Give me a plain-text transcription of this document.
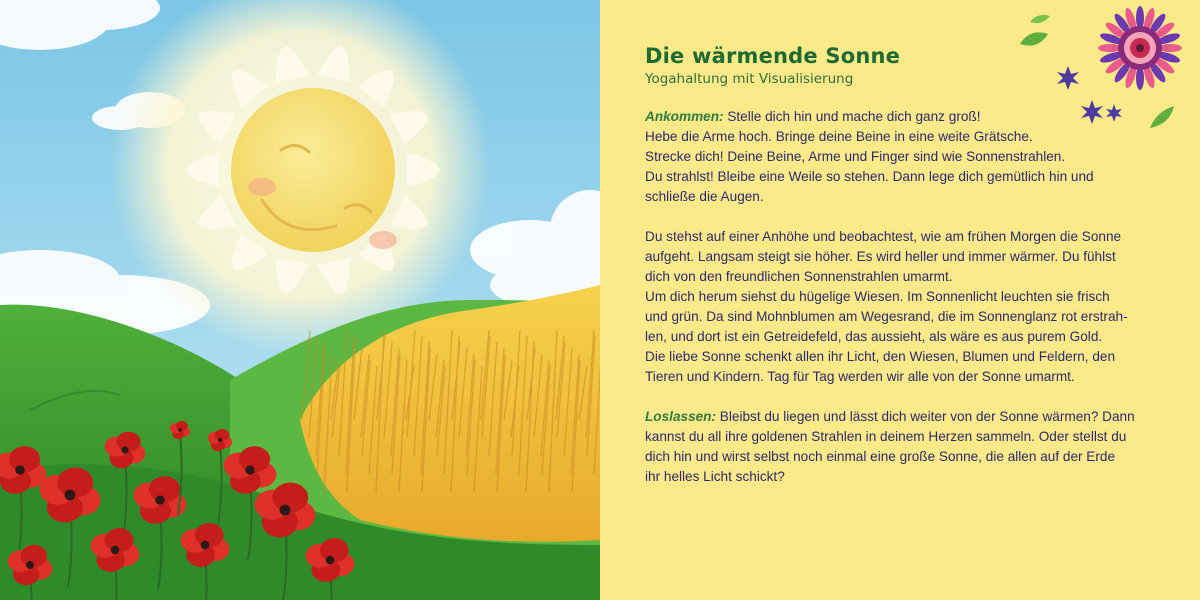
Die wärmende Sonne

Yogahaltung mit Visualisierung

Ankommen: Stelle dich hin und mache dich ganz groß!

Hebe die Arme hoch. Bringe deine Beine in eine weite Grätsche.

Strecke dich! Deine Beine, Arme und Finger sind wie Sonnenstrahlen.

Du strahlst! Bleibe eine Weile so stehen. Dann lege dich gemütlich hin und

schließe die Augen.

Du stehst auf einer Anhöhe und beobachtest, wie am frühen Morgen die Sonne

aufgeht. Langsam steigt sie höher. Es wird heller und immer wärmer. Du fühlst

dich von den freundlichen Sonnenstrahlen umarmt.

Um dich herum siehst du hügelige Wiesen. Im Sonnenlicht leuchten sie frisch

und grün. Da sind Mohnblumen am Wegesrand, die im Sonnenglanz rot erstrah-

len, und dort ist ein Getreidefeld, das aussieht, als wäre es aus purem Gold.

Die liebe Sonne schenkt allen ihr Licht, den Wiesen, Blumen und Feldern, den

Tieren und Kindern. Tag für Tag werden wir alle von der Sonne umarmt.

Loslassen: Bleibst du liegen und lässt dich weiter von der Sonne wärmen? Dann

kannst du all ihre goldenen Strahlen in deinem Herzen sammeln. Oder stellst du

dich hin und wirst selbst noch einmal eine große Sonne, die allen auf der Erde

ihr helles Licht schickt?
